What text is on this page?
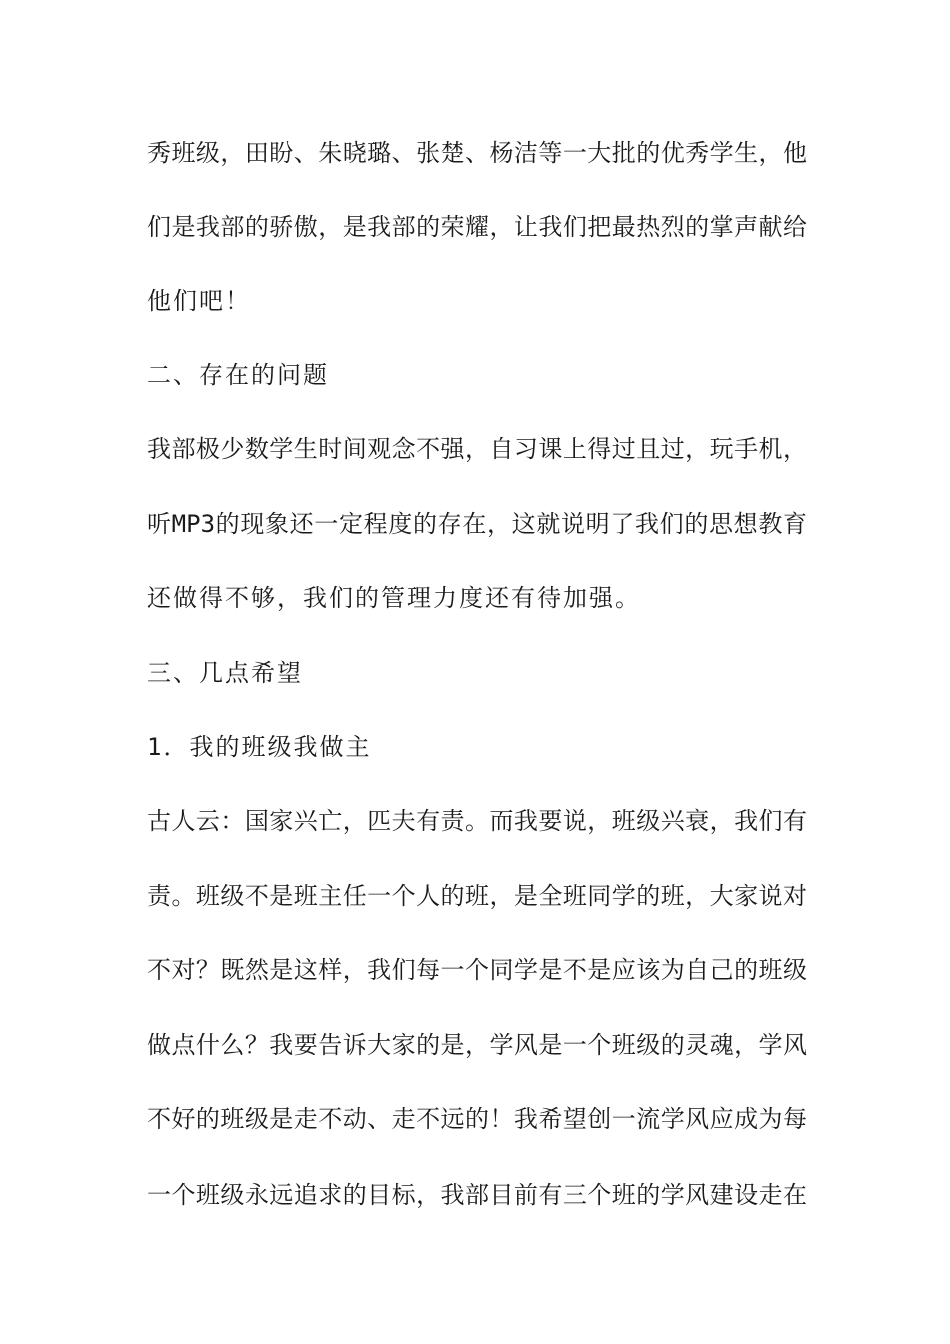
秀班级，田盼、朱晓璐、张楚、杨洁等一大批的优秀学生，他
们是我部的骄傲，是我部的荣耀，让我们把最热烈的掌声献给
他们吧！
二、存在的问题
我部极少数学生时间观念不强，自习课上得过且过，玩手机，
听MP3的现象还一定程度的存在，这就说明了我们的思想教育
还做得不够，我们的管理力度还有待加强。
三、几点希望
1．我的班级我做主
古人云：国家兴亡，匹夫有责。而我要说，班级兴衰，我们有
责。班级不是班主任一个人的班，是全班同学的班，大家说对
不对？既然是这样，我们每一个同学是不是应该为自己的班级
做点什么？我要告诉大家的是，学风是一个班级的灵魂，学风
不好的班级是走不动、走不远的！我希望创一流学风应成为每
一个班级永远追求的目标，我部目前有三个班的学风建设走在
